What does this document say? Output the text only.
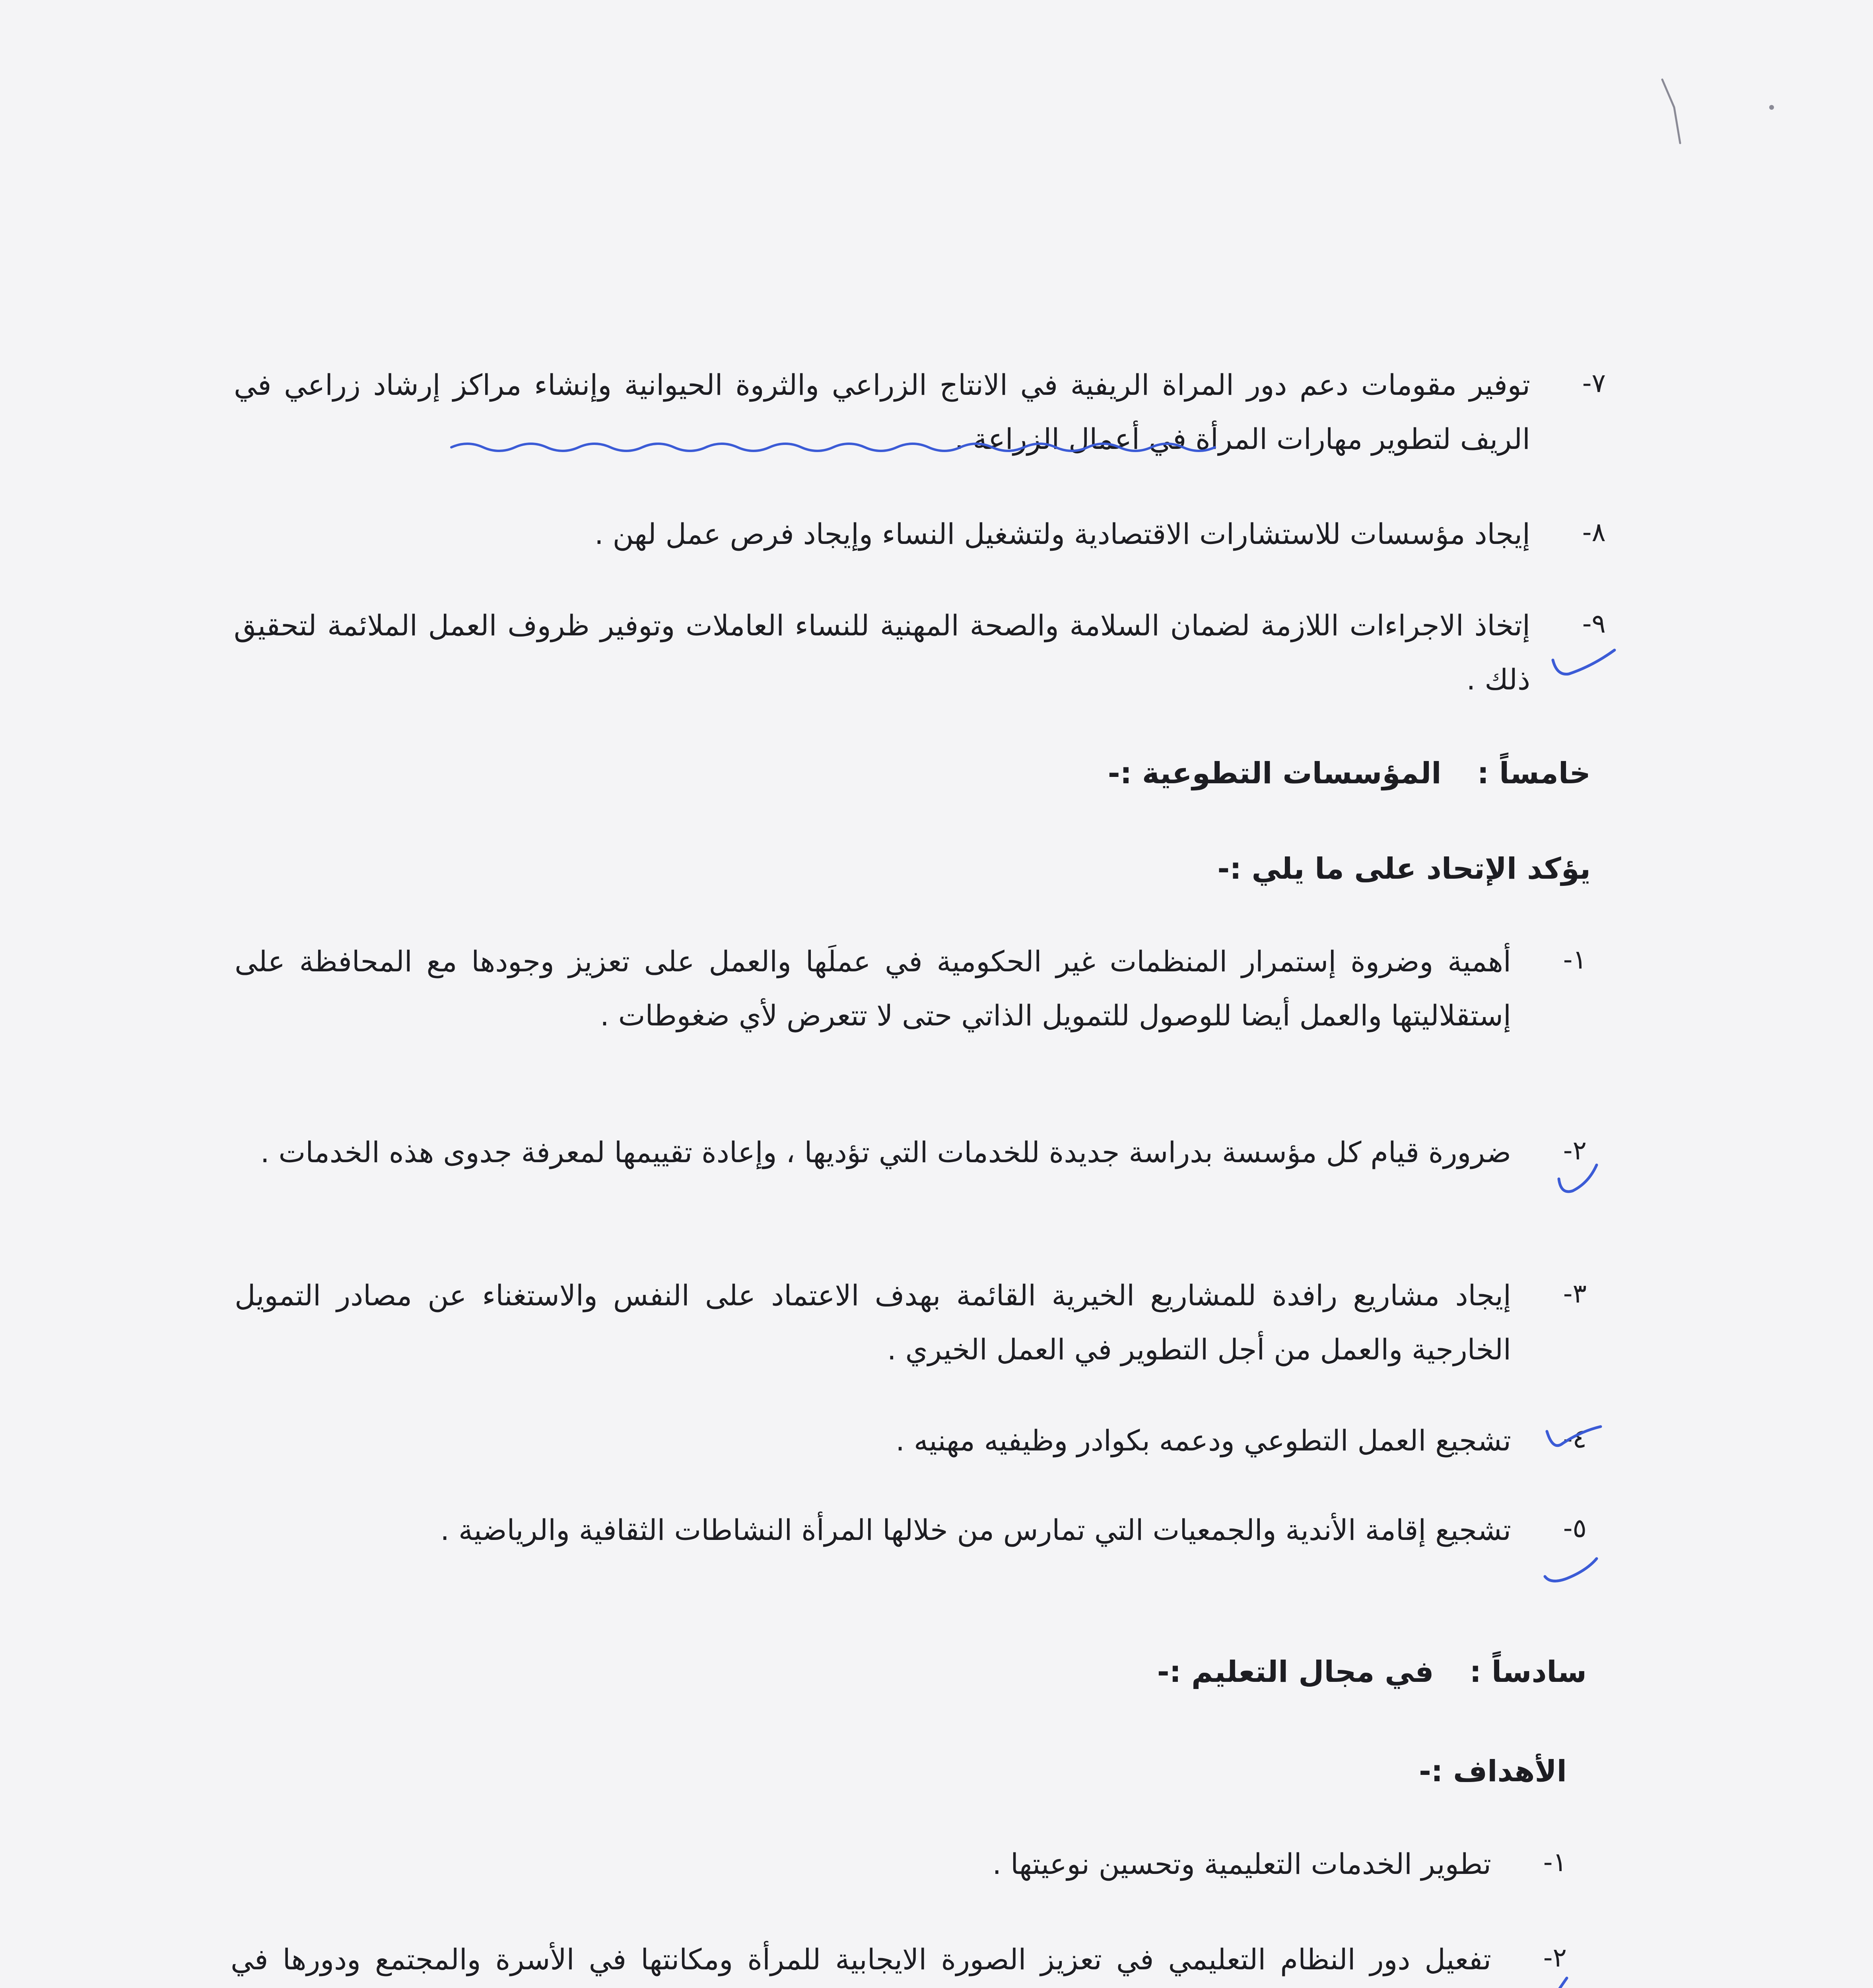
٧-
توفير مقومات دعم دور المراة الريفية في الانتاج الزراعي والثروة الحيوانية وإنشاء مراكز إرشاد زراعي في الريف لتطوير مهارات المرأة في أعمال الزراعة .
٨-
إيجاد مؤسسات للاستشارات الاقتصادية ولتشغيل النساء وإيجاد فرص عمل لهن .
٩-
إتخاذ الاجراءات اللازمة لضمان السلامة والصحة المهنية للنساء العاملات وتوفير ظروف العمل الملائمة لتحقيق ذلك .
خامساً :المؤسسات التطوعية :-
يؤكد الإتحاد على ما يلي :-
١-
أهمية وضروة إستمرار المنظمات غير الحكومية في عملَها والعمل على تعزيز وجودها مع المحافظة على إستقلاليتها والعمل أيضا للوصول للتمويل الذاتي حتى لا تتعرض لأي ضغوطات .
٢-
ضرورة قيام كل مؤسسة بدراسة جديدة للخدمات التي تؤديها ، وإعادة تقييمها لمعرفة جدوى هذه الخدمات .
٣-
إيجاد مشاريع رافدة للمشاريع الخيرية القائمة بهدف الاعتماد على النفس والاستغناء عن مصادر التمويل الخارجية والعمل من أجل التطوير في العمل الخيري .
٤-
تشجيع العمل التطوعي ودعمه بكوادر وظيفيه مهنيه .
٥-
تشجيع إقامة الأندية والجمعيات التي تمارس من خلالها المرأة النشاطات الثقافية والرياضية .
سادساً :في مجال التعليم :-
الأهداف :-
١-
تطوير الخدمات التعليمية وتحسين نوعيتها .
٢-
تفعيل دور النظام التعليمي في تعزيز الصورة الايجابية للمرأة ومكانتها في الأسرة والمجتمع ودورها في
